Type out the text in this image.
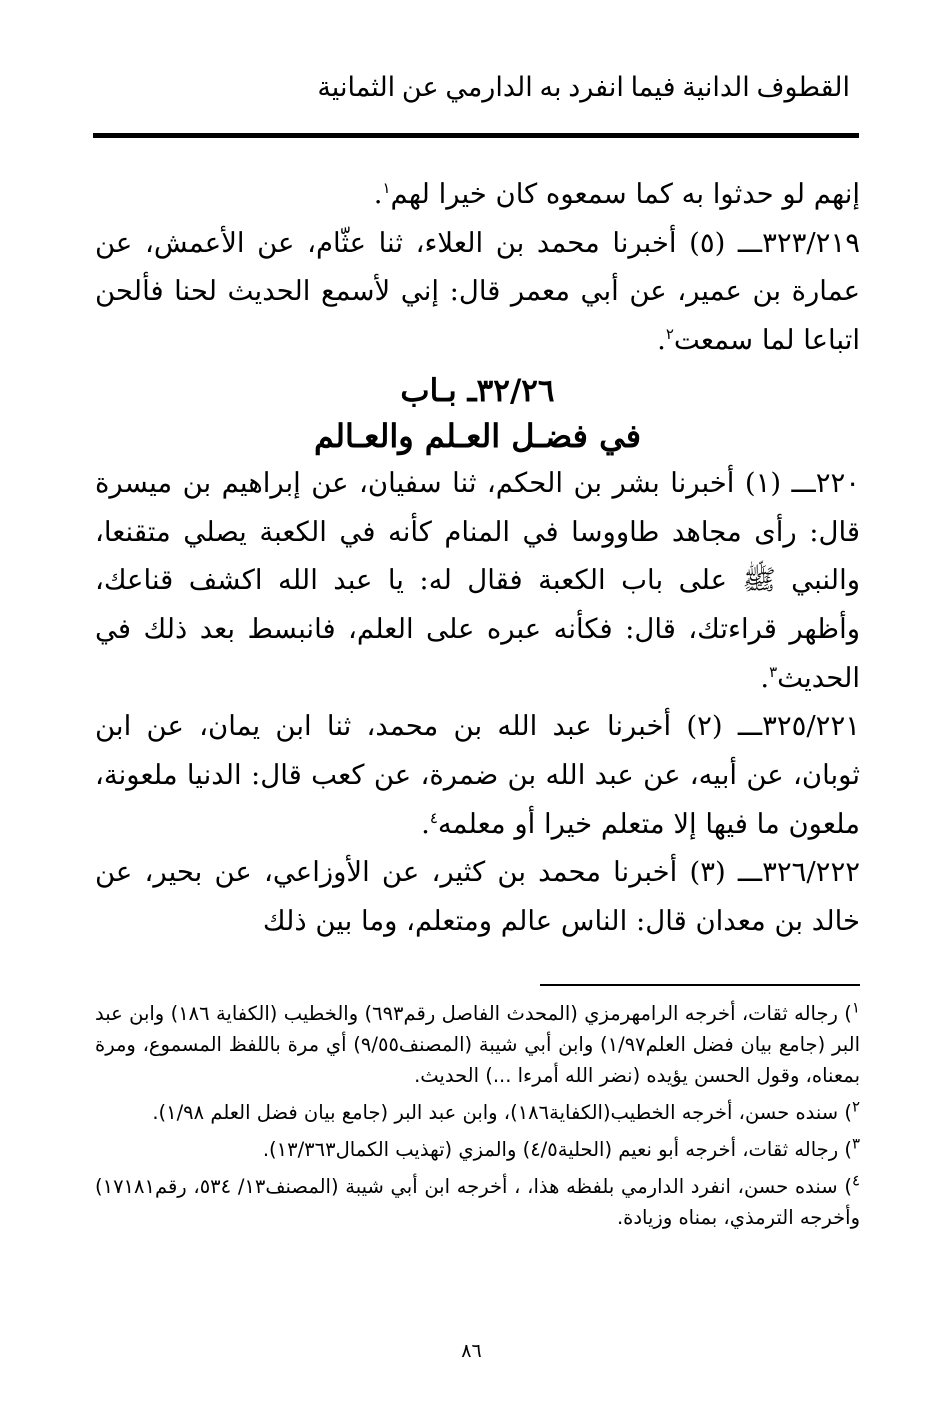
القطوف الدانية فيما انفرد به الدارمي عن الثمانية

إنهم لو حدثوا به كما سمعوه كان خيرا لهم$^١$.

٣٢٣/٢١٩ـــ (٥) أخبرنا محمد بن العلاء، ثنا عثّام، عن الأعمش، عن عمارة بن عمير، عن أبي معمر قال: إني لأسمع الحديث لحنا فألحن اتباعا لما سمعت$^٢$.

٣٢/٢٦ـ بـاب

في فضـل العـلم والعـالم

٢٢٠ـــ (١) أخبرنا بشر بن الحكم، ثنا سفيان، عن إبراهيم بن ميسرة قال: رأى مجاهد طاووسا في المنام كأنه في الكعبة يصلي متقنعا، والنبي ﷺ على باب الكعبة فقال له: يا عبد الله اكشف قناعك، وأظهر قراءتك، قال: فكأنه عبره على العلم، فانبسط بعد ذلك في الحديث$^٣$.

٣٢٥/٢٢١ـــ (٢) أخبرنا عبد الله بن محمد، ثنا ابن يمان، عن ابن ثوبان، عن أبيه، عن عبد الله بن ضمرة، عن كعب قال: الدنيا ملعونة، ملعون ما فيها إلا متعلم خيرا أو معلمه$^٤$.

٣٢٦/٢٢٢ـــ (٣) أخبرنا محمد بن كثير، عن الأوزاعي، عن بحير، عن خالد بن معدان قال: الناس عالم ومتعلم، وما بين ذلك

$^١$) رجاله ثقات، أخرجه الرامهرمزي (المحدث الفاصل رقم٦٩٣) والخطيب (الكفاية ١٨٦) وابن عبد البر (جامع بيان فضل العلم١/٩٧) وابن أبي شيبة (المصنف٩/٥٥) أي مرة باللفظ المسموع، ومرة بمعناه، وقول الحسن يؤيده (نضر الله أمرءا ...) الحديث.

$^٢$) سنده حسن، أخرجه الخطيب(الكفاية١٨٦)، وابن عبد البر (جامع بيان فضل العلم ١/٩٨).

$^٣$) رجاله ثقات، أخرجه أبو نعيم (الحلية٤/٥) والمزي (تهذيب الكمال١٣/٣٦٣).

$^٤$) سنده حسن، انفرد الدارمي بلفظه هذا، ، أخرجه ابن أبي شيبة (المصنف١٣/ ٥٣٤، رقم١٧١٨١) وأخرجه الترمذي، بمناه وزيادة.

٨٦
